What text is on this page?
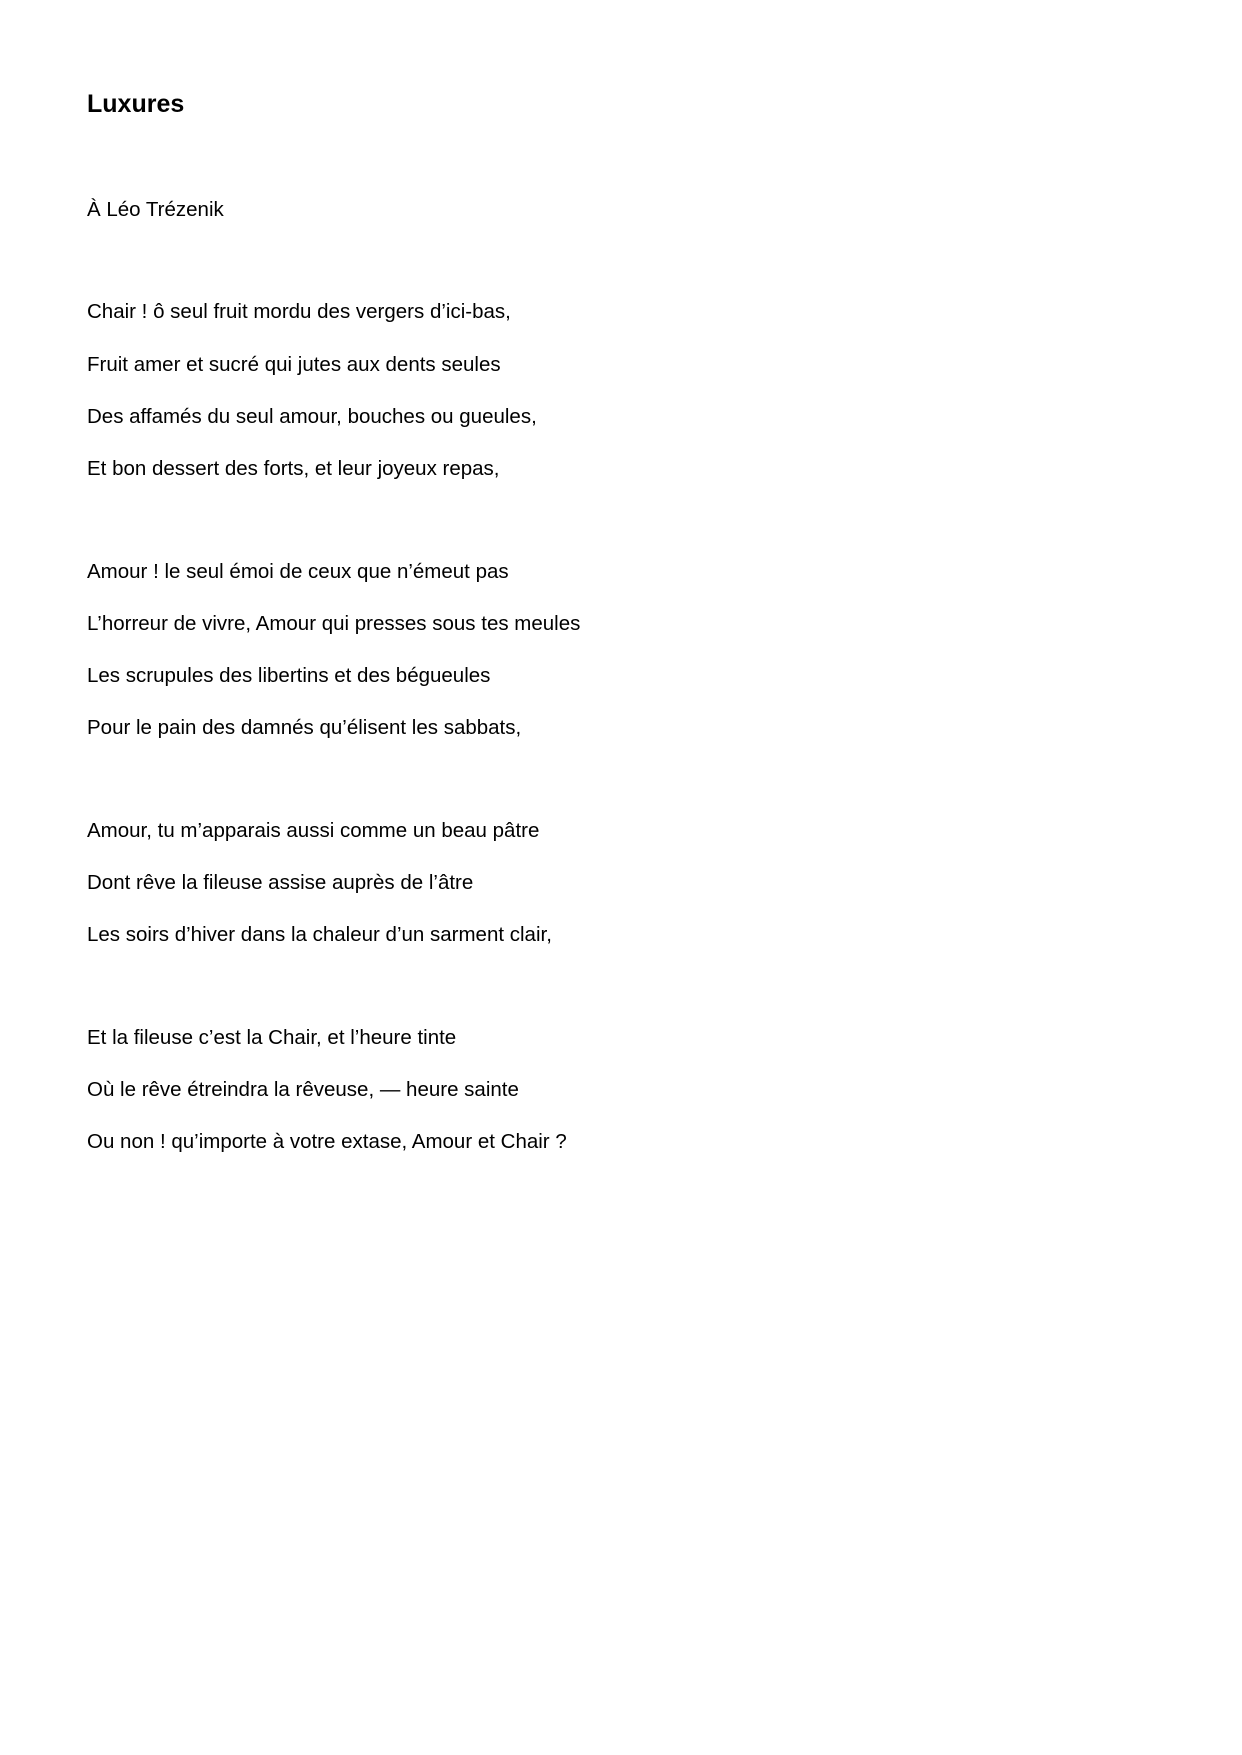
Luxures

À Léo Trézenik

Chair ! ô seul fruit mordu des vergers d’ici-bas,

Fruit amer et sucré qui jutes aux dents seules

Des affamés du seul amour, bouches ou gueules,

Et bon dessert des forts, et leur joyeux repas,

Amour ! le seul émoi de ceux que n’émeut pas

L’horreur de vivre, Amour qui presses sous tes meules

Les scrupules des libertins et des bégueules

Pour le pain des damnés qu’élisent les sabbats,

Amour, tu m’apparais aussi comme un beau pâtre

Dont rêve la fileuse assise auprès de l’âtre

Les soirs d’hiver dans la chaleur d’un sarment clair,

Et la fileuse c’est la Chair, et l’heure tinte

Où le rêve étreindra la rêveuse, — heure sainte

Ou non ! qu’importe à votre extase, Amour et Chair ?
